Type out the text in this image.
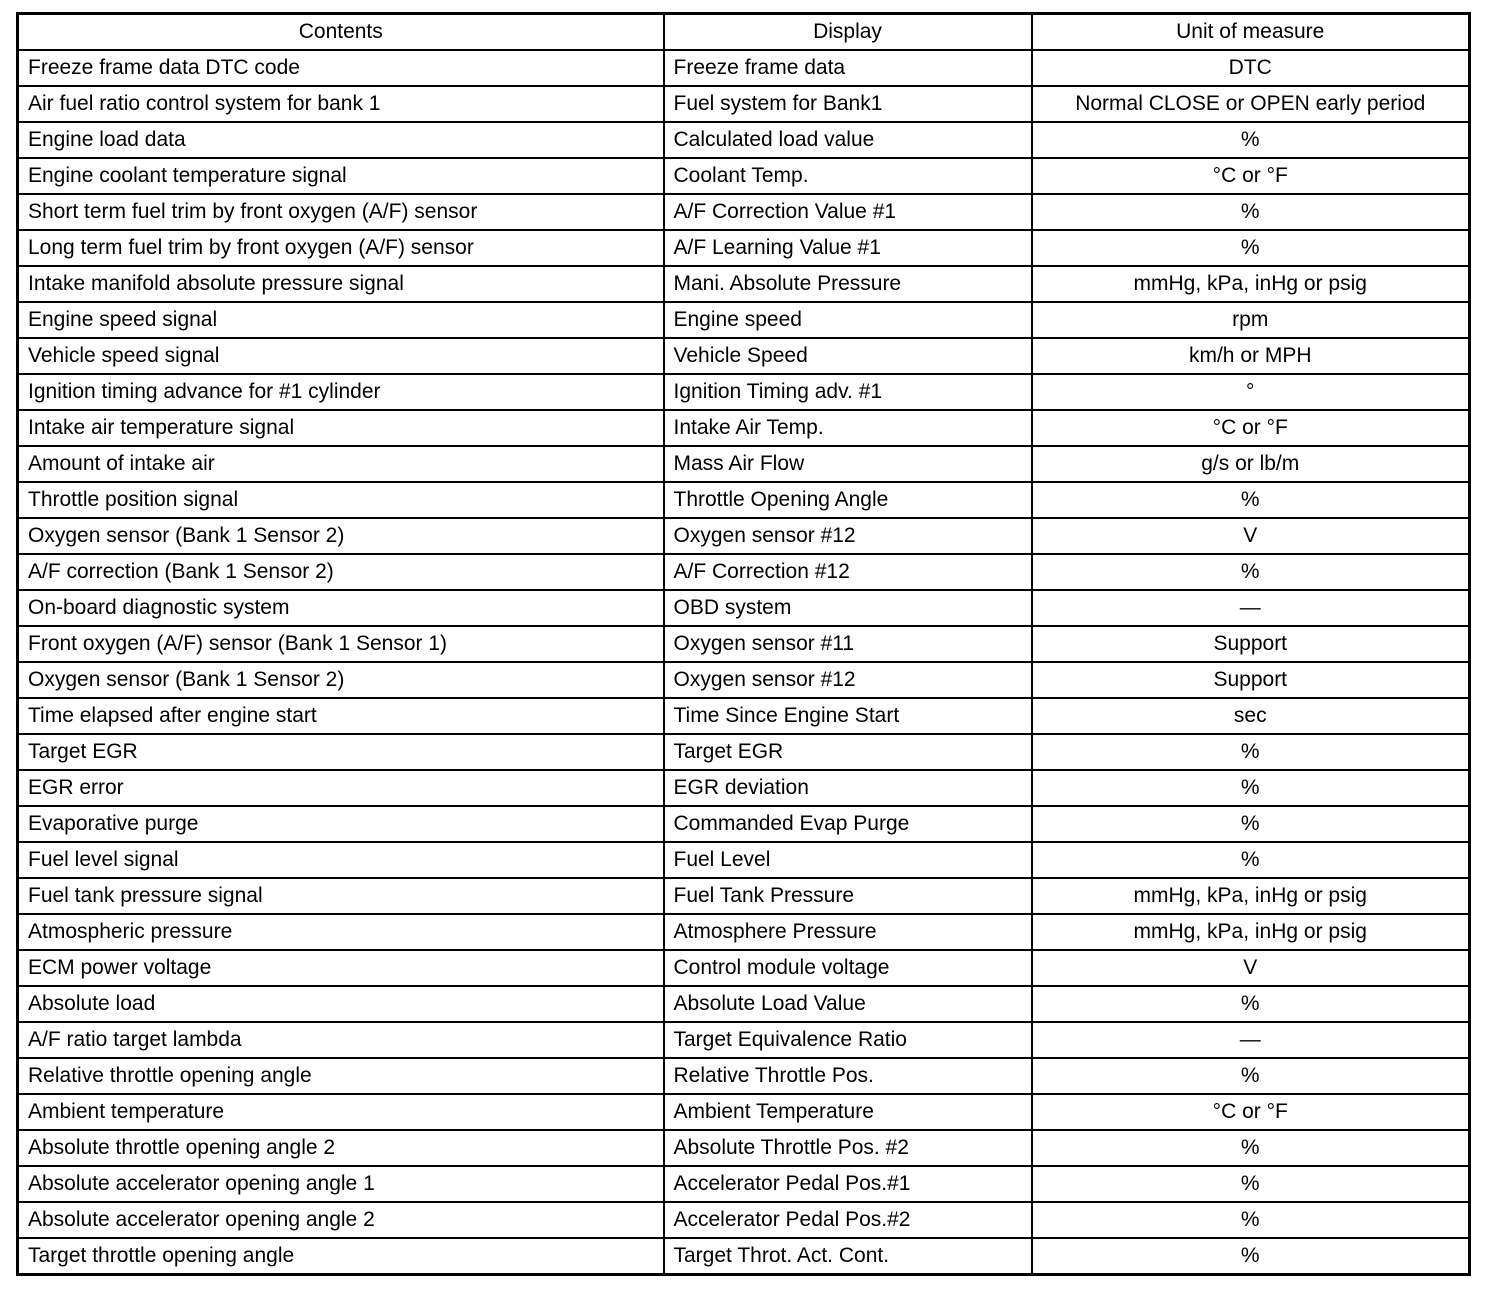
Contents	Display	Unit of measure
Freeze frame data DTC code	Freeze frame data	DTC
Air fuel ratio control system for bank 1	Fuel system for Bank1	Normal CLOSE or OPEN early period
Engine load data	Calculated load value	%
Engine coolant temperature signal	Coolant Temp.	°C or °F
Short term fuel trim by front oxygen (A/F) sensor	A/F Correction Value #1	%
Long term fuel trim by front oxygen (A/F) sensor	A/F Learning Value #1	%
Intake manifold absolute pressure signal	Mani. Absolute Pressure	mmHg, kPa, inHg or psig
Engine speed signal	Engine speed	rpm
Vehicle speed signal	Vehicle Speed	km/h or MPH
Ignition timing advance for #1 cylinder	Ignition Timing adv. #1	°
Intake air temperature signal	Intake Air Temp.	°C or °F
Amount of intake air	Mass Air Flow	g/s or lb/m
Throttle position signal	Throttle Opening Angle	%
Oxygen sensor (Bank 1 Sensor 2)	Oxygen sensor #12	V
A/F correction (Bank 1 Sensor 2)	A/F Correction #12	%
On-board diagnostic system	OBD system	—
Front oxygen (A/F) sensor (Bank 1 Sensor 1)	Oxygen sensor #11	Support
Oxygen sensor (Bank 1 Sensor 2)	Oxygen sensor #12	Support
Time elapsed after engine start	Time Since Engine Start	sec
Target EGR	Target EGR	%
EGR error	EGR deviation	%
Evaporative purge	Commanded Evap Purge	%
Fuel level signal	Fuel Level	%
Fuel tank pressure signal	Fuel Tank Pressure	mmHg, kPa, inHg or psig
Atmospheric pressure	Atmosphere Pressure	mmHg, kPa, inHg or psig
ECM power voltage	Control module voltage	V
Absolute load	Absolute Load Value	%
A/F ratio target lambda	Target Equivalence Ratio	—
Relative throttle opening angle	Relative Throttle Pos.	%
Ambient temperature	Ambient Temperature	°C or °F
Absolute throttle opening angle 2	Absolute Throttle Pos. #2	%
Absolute accelerator opening angle 1	Accelerator Pedal Pos.#1	%
Absolute accelerator opening angle 2	Accelerator Pedal Pos.#2	%
Target throttle opening angle	Target Throt. Act. Cont.	%
